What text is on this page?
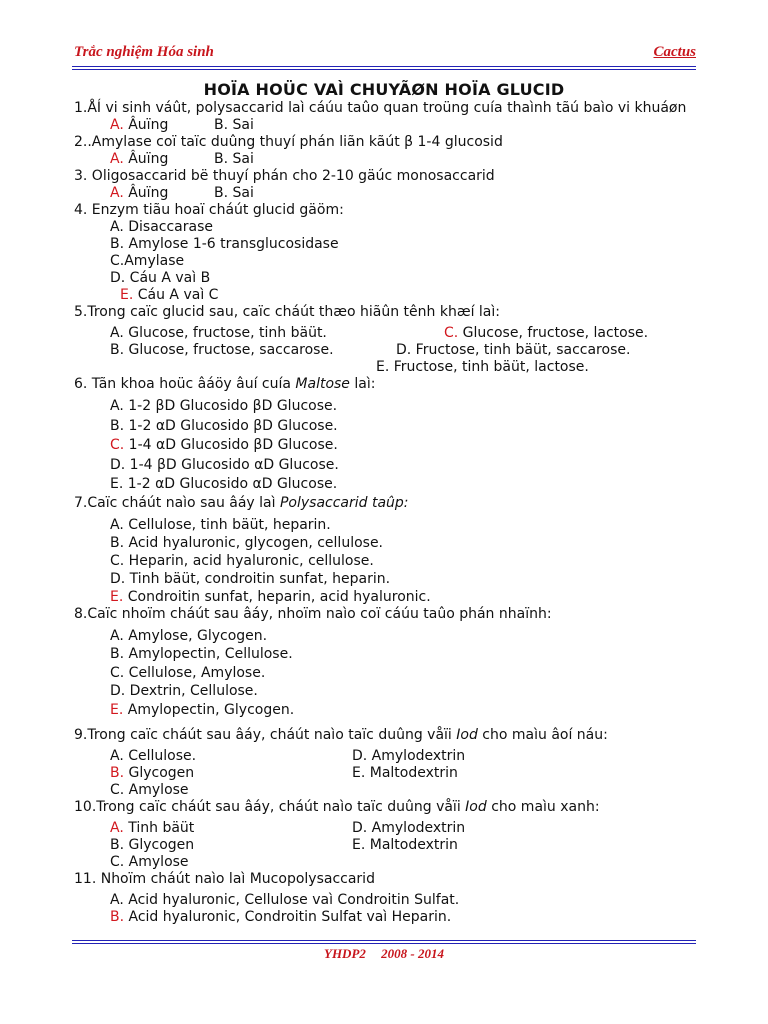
Trắc nghiệm Hóa sinh	Cactus
HOÏA HOÜC VAÌ CHUYÃØN HOÏA GLUCID

1.ÅÍ vi sinh váût, polysaccarid laì cáúu taûo quan troüng cuía thaình tãú baìo vi khuáøn

A. Âuïng	B. Sai

2..Amylase coï taïc duûng thuyí phán liãn kãút β 1-4 glucosid

A. Âuïng	B. Sai

3. Oligosaccarid bë thuyí phán cho 2-10 gäúc monosaccarid

A. Âuïng	B. Sai

4. Enzym tiãu hoaï cháút glucid gäöm:

A. Disaccarase
B. Amylose 1-6 transglucosidase
C.Amylase
D. Cáu A vaì B
E. Cáu A vaì C

5.Trong caïc glucid sau, caïc cháút thæo hiãûn tênh khæí laì:

A. Glucose, fructose, tinh bäüt.	C. Glucose, fructose, lactose.
B. Glucose, fructose, saccarose.	D. Fructose, tinh bäüt, saccarose.
E. Fructose, tinh bäüt, lactose.

6. Tãn khoa hoüc âáöy âuí cuía Maltose laì:

A. 1-2 βD Glucosido βD Glucose.
B. 1-2 αD Glucosido βD Glucose.
C. 1-4 αD Glucosido βD Glucose.
D. 1-4 βD Glucosido αD Glucose.
E. 1-2 αD Glucosido αD Glucose.

7.Caïc cháút naìo sau âáy laì Polysaccarid taûp:

A. Cellulose, tinh bäüt, heparin.
B. Acid hyaluronic, glycogen, cellulose.
C. Heparin, acid hyaluronic, cellulose.
D. Tinh bäüt, condroitin sunfat, heparin.
E. Condroitin sunfat, heparin, acid hyaluronic.

8.Caïc nhoïm cháút sau âáy, nhoïm naìo coï cáúu taûo phán nhaïnh:

A. Amylose, Glycogen.
B. Amylopectin, Cellulose.
C. Cellulose, Amylose.
D. Dextrin, Cellulose.
E. Amylopectin, Glycogen.

9.Trong caïc cháút sau âáy, cháút naìo taïc duûng våïi Iod cho maìu âoí náu:

A. Cellulose.	D. Amylodextrin
B. Glycogen	E. Maltodextrin
C. Amylose

10.Trong caïc cháút sau âáy, cháút naìo taïc duûng våïi Iod cho maìu xanh:

A. Tinh bäüt	D. Amylodextrin
B. Glycogen	E. Maltodextrin
C. Amylose

11. Nhoïm cháút naìo laì Mucopolysaccarid

A. Acid hyaluronic, Cellulose vaì Condroitin Sulfat.
B. Acid hyaluronic, Condroitin Sulfat vaì Heparin.
YHDP2 2008 - 2014
